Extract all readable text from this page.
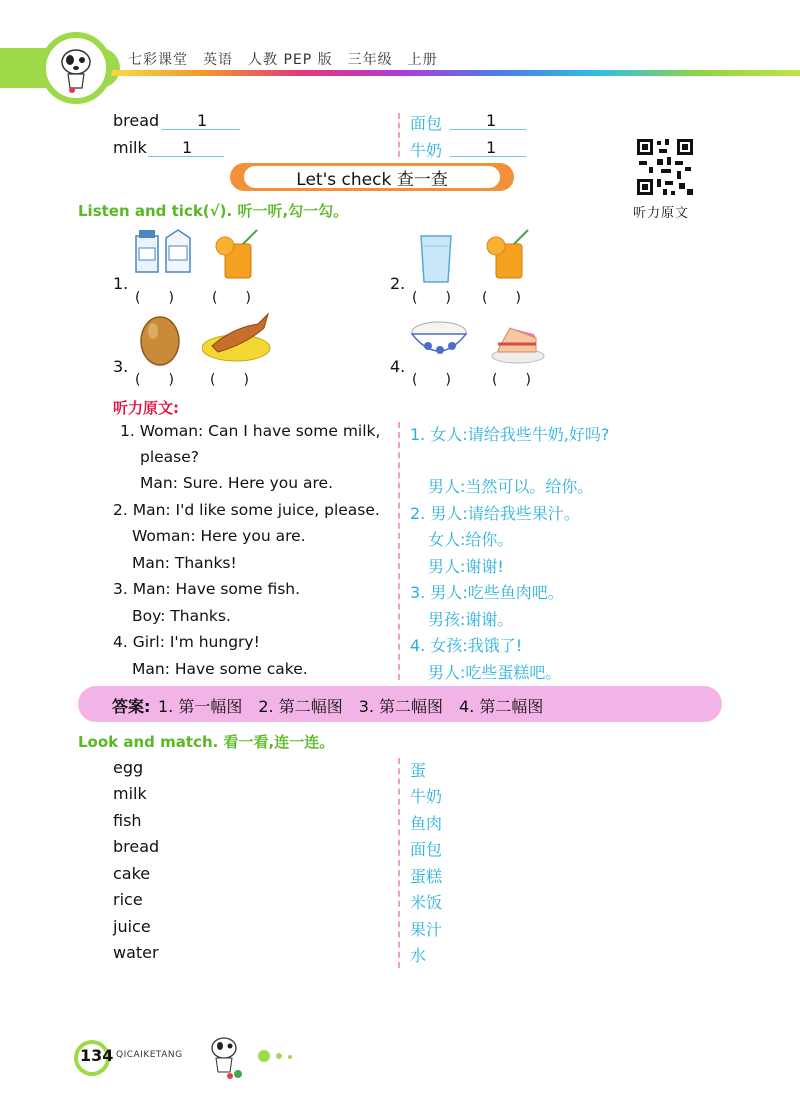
七彩课堂　英语　人教 PEP 版　三年级　上册
bread 1
milk 1
面包	1
牛奶	1
听力原文
Let's check 查一查
Listen and tick(√). 听一听,勾一勾。
1.
(　　)	(　　)
2.
(　　) (　　)
3.
(　　)	(　　)
4.
(　　)	(　　)
听力原文:
1. Woman: Can I have some milk,
please?
Man: Sure. Here you are.
2. Man: I'd like some juice, please.
Woman: Here you are.
Man: Thanks!
3. Man: Have some fish.
Boy: Thanks.
4. Girl: I'm hungry!
Man: Have some cake.
1. 女人:请给我些牛奶,好吗?
男人:当然可以。给你。
2. 男人:请给我些果汁。
女人:给你。
男人:谢谢!
3. 男人:吃些鱼肉吧。
男孩:谢谢。
4. 女孩:我饿了!
男人:吃些蛋糕吧。
答案: 1. 第一幅图　2. 第二幅图　3. 第二幅图　4. 第二幅图
Look and match. 看一看,连一连。
egg
milk
fish
bread
cake
rice
juice
water
蛋
牛奶
鱼肉
面包
蛋糕
米饭
果汁
水
134 QICAIKETANG
